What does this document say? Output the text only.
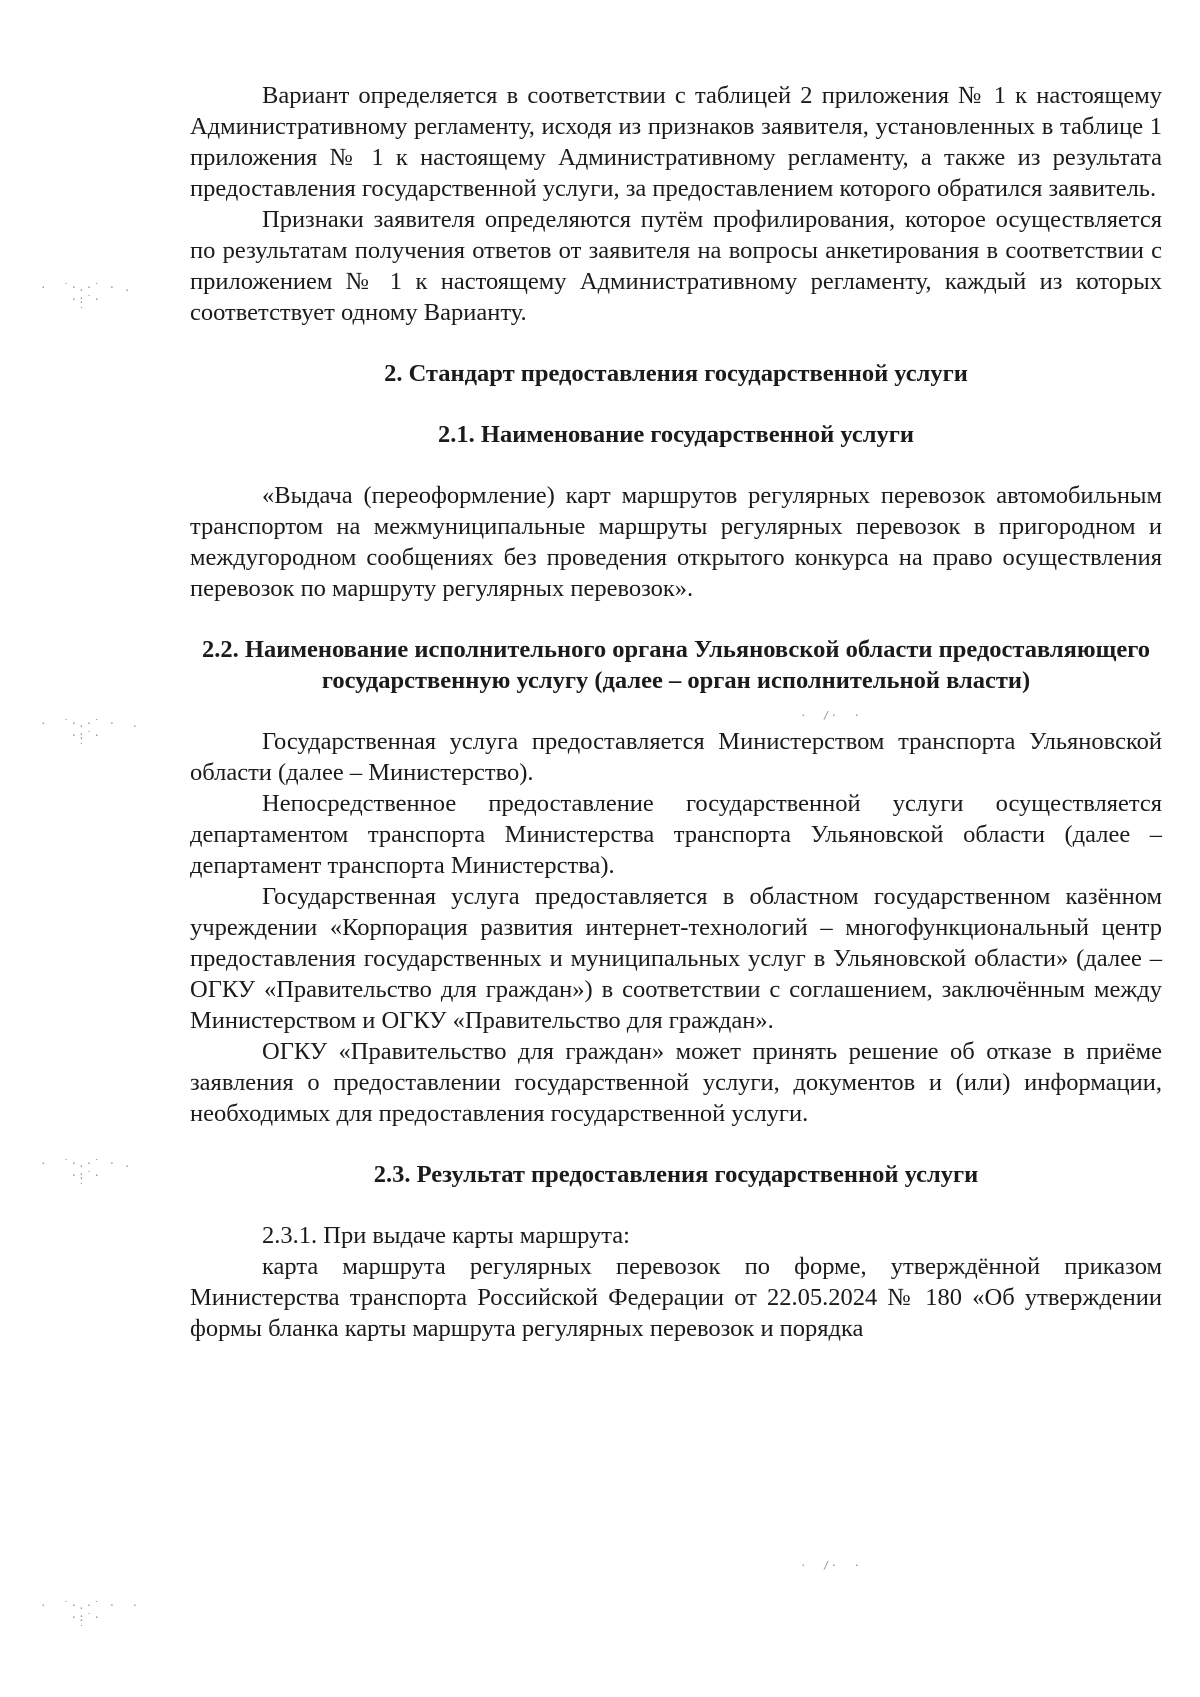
Вариант определяется в соответствии с таблицей 2 приложения № 1 к настоящему Административному регламенту, исходя из признаков заявителя, установленных в таблице 1 приложения № 1 к настоящему Административному регламенту, а также из результата предоставления государственной услуги, за предоставлением которого обратился заявитель.

Признаки заявителя определяются путём профилирования, которое осуществляется по результатам получения ответов от заявителя на вопросы анкетирования в соответствии с приложением № 1 к настоящему Административному регламенту, каждый из которых соответствует одному Варианту.

2. Стандарт предоставления государственной услуги
2.1. Наименование государственной услуги

«Выдача (переоформление) карт маршрутов регулярных перевозок автомобильным транспортом на межмуниципальные маршруты регулярных перевозок в пригородном и междугородном сообщениях без проведения открытого конкурса на право осуществления перевозок по маршруту регулярных перевозок».

2.2. Наименование исполнительного органа Ульяновской области предоставляющего государственную услугу (далее – орган исполнительной власти)

Государственная услуга предоставляется Министерством транспорта Ульяновской области (далее – Министерство).

Непосредственное предоставление государственной услуги осуществляется департаментом транспорта Министерства транспорта Ульяновской области (далее – департамент транспорта Министерства).

Государственная услуга предоставляется в областном государственном казённом учреждении «Корпорация развития интернет-технологий – многофункциональный центр предоставления государственных и муниципальных услуг в Ульяновской области» (далее – ОГКУ «Правительство для граждан») в соответствии с соглашением, заключённым между Министерством и ОГКУ «Правительство для граждан».

ОГКУ «Правительство для граждан» может принять решение об отказе в приёме заявления о предоставлении государственной услуги, документов и (или) информации, необходимых для предоставления государственной услуги.

2.3. Результат предоставления государственной услуги

2.3.1. При выдаче карты маршрута:

карта маршрута регулярных перевозок по форме, утверждённой приказом Министерства транспорта Российской Федерации от 22.05.2024 № 180 «Об утверждении формы бланка карты маршрута регулярных перевозок и порядка

·  ˙·.·˙ · .
·:˙·
˙
·  ˙·.·˙ ·  .
·:˙·
˙
·  ˙·.·˙ · .
·:˙·
˙
·  ˙·.·˙ ·  ·
·:˙·
˙
·  /·  ·
·  /·  ·
